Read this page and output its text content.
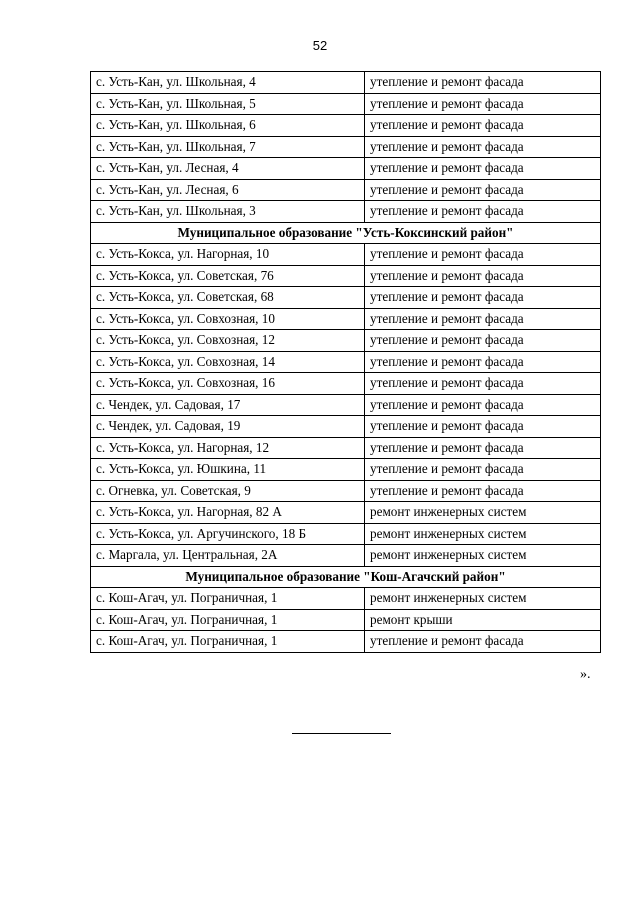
52
с. Усть-Кан, ул. Школьная, 4	утепление и ремонт фасада
с. Усть-Кан, ул. Школьная, 5	утепление и ремонт фасада
с. Усть-Кан, ул. Школьная, 6	утепление и ремонт фасада
с. Усть-Кан, ул. Школьная, 7	утепление и ремонт фасада
с. Усть-Кан, ул. Лесная, 4	утепление и ремонт фасада
с. Усть-Кан, ул. Лесная, 6	утепление и ремонт фасада
с. Усть-Кан, ул. Школьная, 3	утепление и ремонт фасада
Муниципальное образование "Усть-Коксинский район"	
с. Усть-Кокса, ул. Нагорная, 10	утепление и ремонт фасада
с. Усть-Кокса, ул. Советская, 76	утепление и ремонт фасада
с. Усть-Кокса, ул. Советская, 68	утепление и ремонт фасада
с. Усть-Кокса, ул. Совхозная, 10	утепление и ремонт фасада
с. Усть-Кокса, ул. Совхозная, 12	утепление и ремонт фасада
с. Усть-Кокса, ул. Совхозная, 14	утепление и ремонт фасада
с. Усть-Кокса, ул. Совхозная, 16	утепление и ремонт фасада
с. Чендек, ул. Садовая, 17	утепление и ремонт фасада
с. Чендек, ул. Садовая, 19	утепление и ремонт фасада
с. Усть-Кокса, ул. Нагорная, 12	утепление и ремонт фасада
с. Усть-Кокса, ул. Юшкина, 11	утепление и ремонт фасада
с. Огневка, ул. Советская, 9	утепление и ремонт фасада
с. Усть-Кокса, ул. Нагорная, 82 А	ремонт инженерных систем
с. Усть-Кокса, ул. Аргучинского, 18 Б	ремонт инженерных систем
с. Маргала, ул. Центральная, 2А	ремонт инженерных систем
Муниципальное образование "Кош-Агачский район"	
с. Кош-Агач, ул. Пограничная, 1	ремонт инженерных систем
с. Кош-Агач, ул. Пограничная, 1	ремонт крыши
с. Кош-Агач, ул. Пограничная, 1	утепление и ремонт фасада
».
